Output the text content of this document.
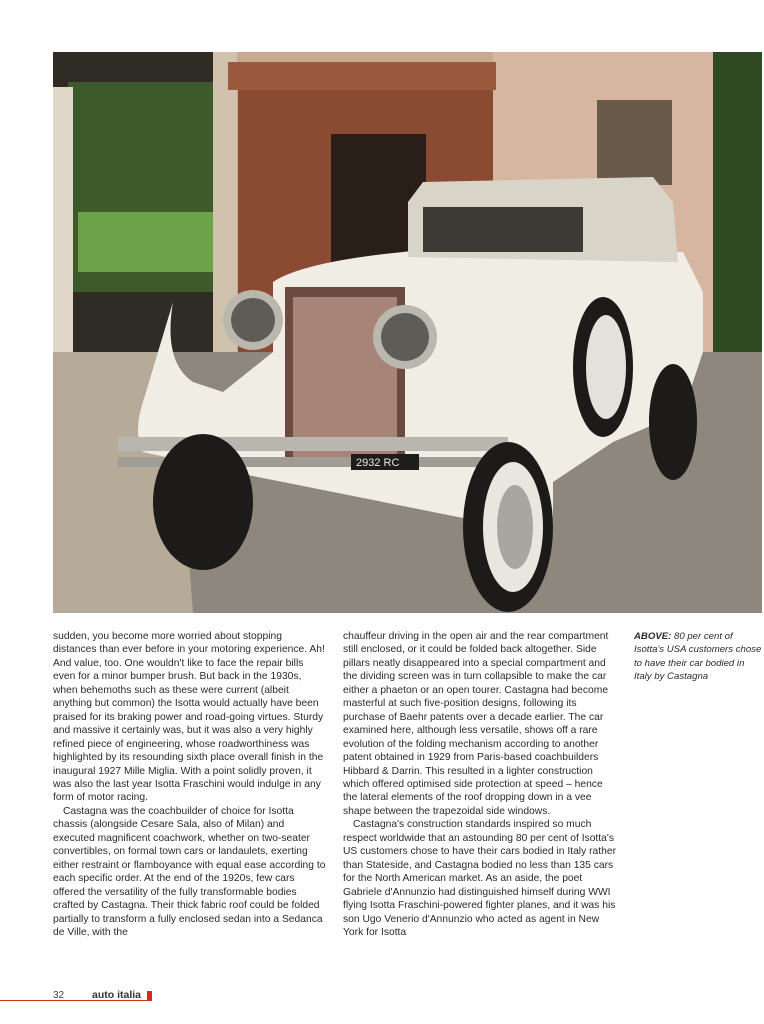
2932 RC

sudden, you become more worried about stopping distances than ever before in your motoring experience. Ah! And value, too. One wouldn't like to face the repair bills even for a minor bumper brush. But back in the 1930s, when behemoths such as these were current (albeit anything but common) the Isotta would actually have been praised for its braking power and road-going virtues. Sturdy and massive it certainly was, but it was also a very highly refined piece of engineering, whose roadworthiness was highlighted by its resounding sixth place overall finish in the inaugural 1927 Mille Miglia. With a point solidly proven, it was also the last year Isotta Fraschini would indulge in any form of motor racing.

Castagna was the coachbuilder of choice for Isotta chassis (alongside Cesare Sala, also of Milan) and executed magnificent coachwork, whether on two-seater convertibles, on formal town cars or landaulets, exerting either restraint or flamboyance with equal ease according to each specific order. At the end of the 1920s, few cars offered the versatility of the fully transformable bodies crafted by Castagna. Their thick fabric roof could be folded partially to transform a fully enclosed sedan into a Sedanca de Ville, with the

chauffeur driving in the open air and the rear compartment still enclosed, or it could be folded back altogether. Side pillars neatly disappeared into a special compartment and the dividing screen was in turn collapsible to make the car either a phaeton or an open tourer. Castagna had become masterful at such five-position designs, following its purchase of Baehr patents over a decade earlier. The car examined here, although less versatile, shows off a rare evolution of the folding mechanism according to another patent obtained in 1929 from Paris-based coachbuilders Hibbard & Darrin. This resulted in a lighter construction which offered optimised side protection at speed – hence the lateral elements of the roof dropping down in a vee shape between the trapezoidal side windows.

Castagna's construction standards inspired so much respect worldwide that an astounding 80 per cent of Isotta's US customers chose to have their cars bodied in Italy rather than Stateside, and Castagna bodied no less than 135 cars for the North American market. As an aside, the poet Gabriele d'Annunzio had distinguished himself during WWI flying Isotta Fraschini-powered fighter planes, and it was his son Ugo Venerio d'Annunzio who acted as agent in New York for Isotta

ABOVE: 80 per cent of Isotta's USA customers chose to have their car bodied in Italy by Castagna
32	auto italia
